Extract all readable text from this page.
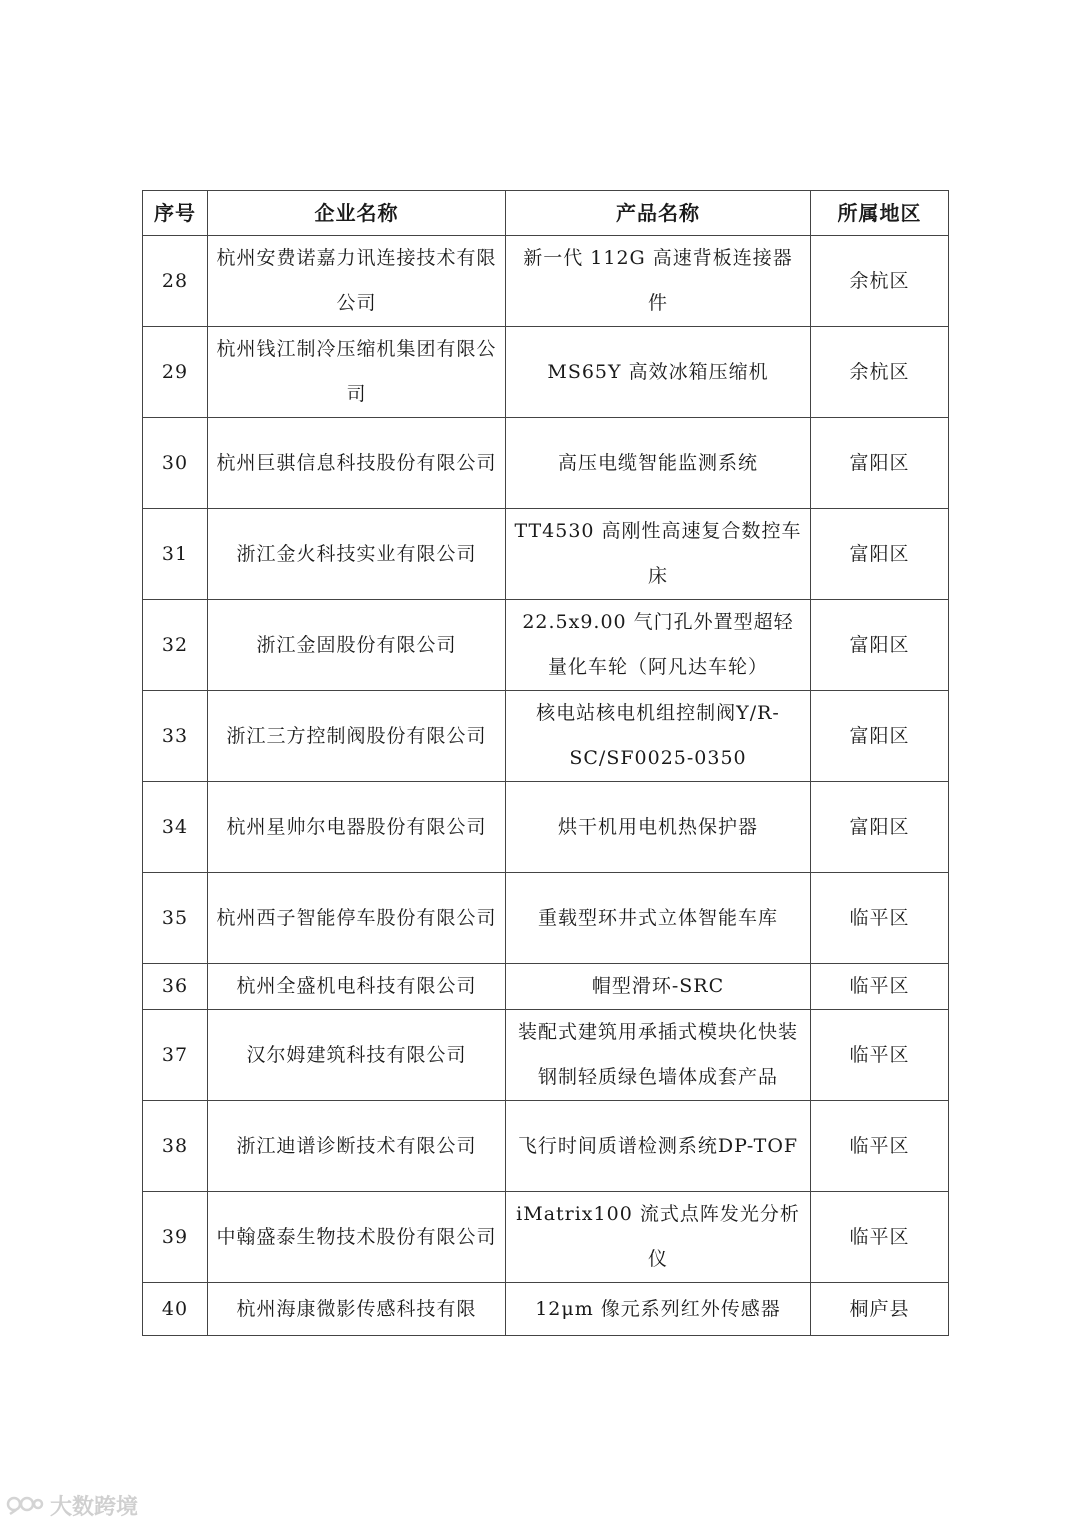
序号	企业名称	产品名称	所属地区
28	杭州安费诺嘉力讯连接技术有限公司	新一代 112G 高速背板连接器件	余杭区
29	杭州钱江制冷压缩机集团有限公司	MS65Y 高效冰箱压缩机	余杭区
30	杭州巨骐信息科技股份有限公司	高压电缆智能监测系统	富阳区
31	浙江金火科技实业有限公司	TT4530 高刚性高速复合数控车床	富阳区
32	浙江金固股份有限公司	22.5x9.00 气门孔外置型超轻量化车轮（阿凡达车轮）	富阳区
33	浙江三方控制阀股份有限公司	核电站核电机组控制阀Y/R-SC/SF0025-0350	富阳区
34	杭州星帅尔电器股份有限公司	烘干机用电机热保护器	富阳区
35	杭州西子智能停车股份有限公司	重载型环井式立体智能车库	临平区
36	杭州全盛机电科技有限公司	帽型滑环-SRC	临平区
37	汉尔姆建筑科技有限公司	装配式建筑用承插式模块化快装钢制轻质绿色墙体成套产品	临平区
38	浙江迪谱诊断技术有限公司	飞行时间质谱检测系统DP-TOF	临平区
39	中翰盛泰生物技术股份有限公司	iMatrix100 流式点阵发光分析仪	临平区
40	杭州海康微影传感科技有限	12μm 像元系列红外传感器	桐庐县
大数跨境
